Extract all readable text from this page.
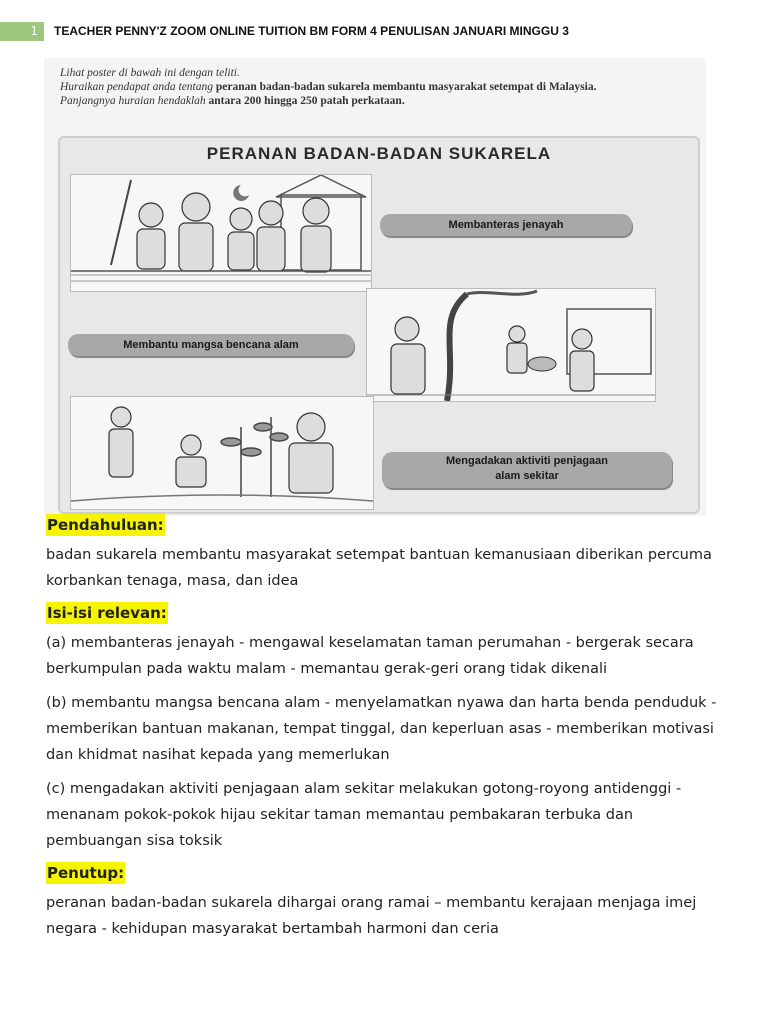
1	TEACHER PENNY'Z ZOOM ONLINE TUITION BM FORM 4 PENULISAN JANUARI MINGGU 3
Lihat poster di bawah ini dengan teliti.
Huraikan pendapat anda tentang peranan badan-badan sukarela membantu masyarakat setempat di Malaysia.
Panjangnya huraian hendaklah antara 200 hingga 250 patah perkataan.
PERANAN BADAN-BADAN SUKARELA
Membanteras jenayah
Membantu mangsa bencana alam
Mengadakan aktiviti penjagaan
alam sekitar
Pendahuluan:

badan sukarela membantu masyarakat setempat bantuan kemanusiaan diberikan percuma korbankan tenaga, masa, dan idea

Isi-isi relevan:

(a) membanteras jenayah - mengawal keselamatan taman perumahan - bergerak secara berkumpulan pada waktu malam - memantau gerak-geri orang tidak dikenali

(b) membantu mangsa bencana alam - menyelamatkan nyawa dan harta benda penduduk - memberikan bantuan makanan, tempat tinggal, dan keperluan asas - memberikan motivasi dan khidmat nasihat kepada yang memerlukan

(c) mengadakan aktiviti penjagaan alam sekitar melakukan gotong-royong antidenggi - menanam pokok-pokok hijau sekitar taman memantau pembakaran terbuka dan pembuangan sisa toksik

Penutup:

peranan badan-badan sukarela dihargai orang ramai – membantu kerajaan menjaga imej negara - kehidupan masyarakat bertambah harmoni dan ceria
